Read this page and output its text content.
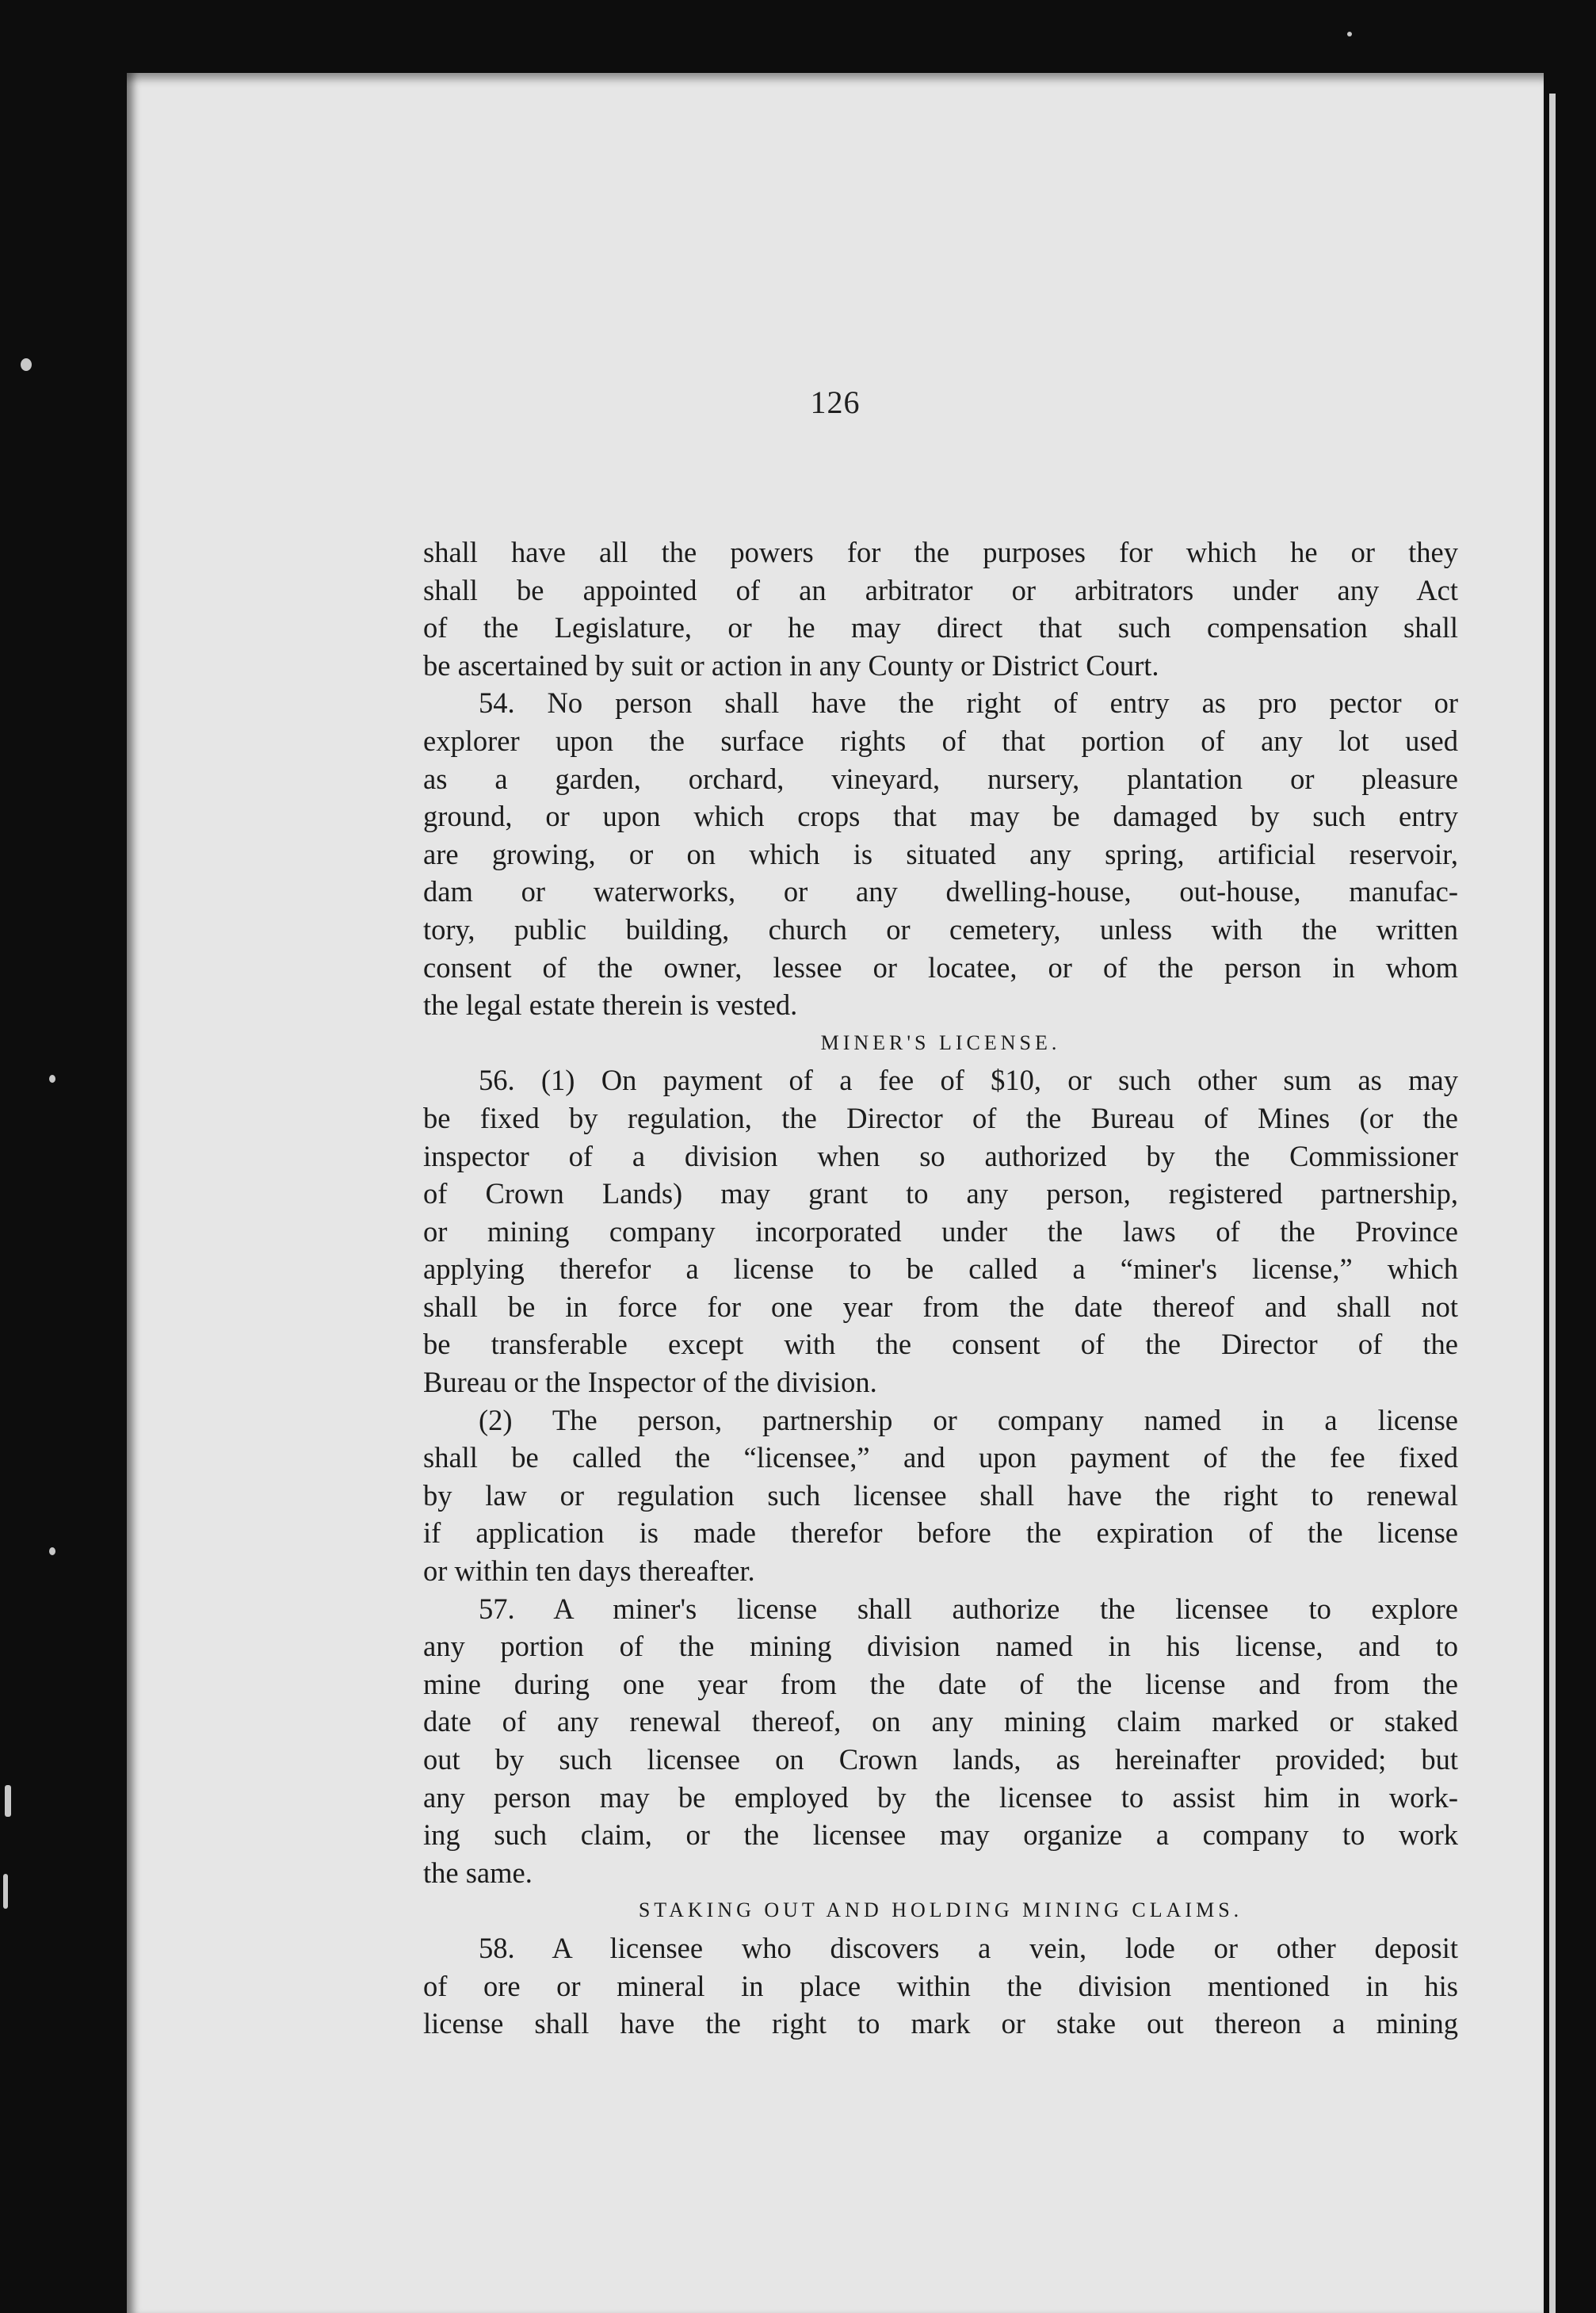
126
shall have all the powers for the purposes for which he or they
shall be appointed of an arbitrator or arbitrators under any Act
of the Legislature, or he may direct that such compensation shall
be ascertained by suit or action in any County or District Court.
54. No person shall have the right of entry as pro pector or
explorer upon the surface rights of that portion of any lot used
as a garden, orchard, vineyard, nursery, plantation or pleasure
ground, or upon which crops that may be damaged by such entry
are growing, or on which is situated any spring, artificial reservoir,
dam or waterworks, or any dwelling-house, out-house, manufac-
tory, public building, church or cemetery, unless with the written
consent of the owner, lessee or locatee, or of the person in whom
the legal estate therein is vested.
MINER'S LICENSE.
56. (1) On payment of a fee of $10, or such other sum as may
be fixed by regulation, the Director of the Bureau of Mines (or the
inspector of a division when so authorized by the Commissioner
of Crown Lands) may grant to any person, registered partnership,
or mining company incorporated under the laws of the Province
applying therefor a license to be called a “miner's license,” which
shall be in force for one year from the date thereof and shall not
be transferable except with the consent of the Director of the
Bureau or the Inspector of the division.
(2) The person, partnership or company named in a license
shall be called the “licensee,” and upon payment of the fee fixed
by law or regulation such licensee shall have the right to renewal
if application is made therefor before the expiration of the license
or within ten days thereafter.
57. A miner's license shall authorize the licensee to explore
any portion of the mining division named in his license, and to
mine during one year from the date of the license and from the
date of any renewal thereof, on any mining claim marked or staked
out by such licensee on Crown lands, as hereinafter provided; but
any person may be employed by the licensee to assist him in work-
ing such claim, or the licensee may organize a company to work
the same.
STAKING OUT AND HOLDING MINING CLAIMS.
58. A licensee who discovers a vein, lode or other deposit
of ore or mineral in place within the division mentioned in his
license shall have the right to mark or stake out thereon a mining
